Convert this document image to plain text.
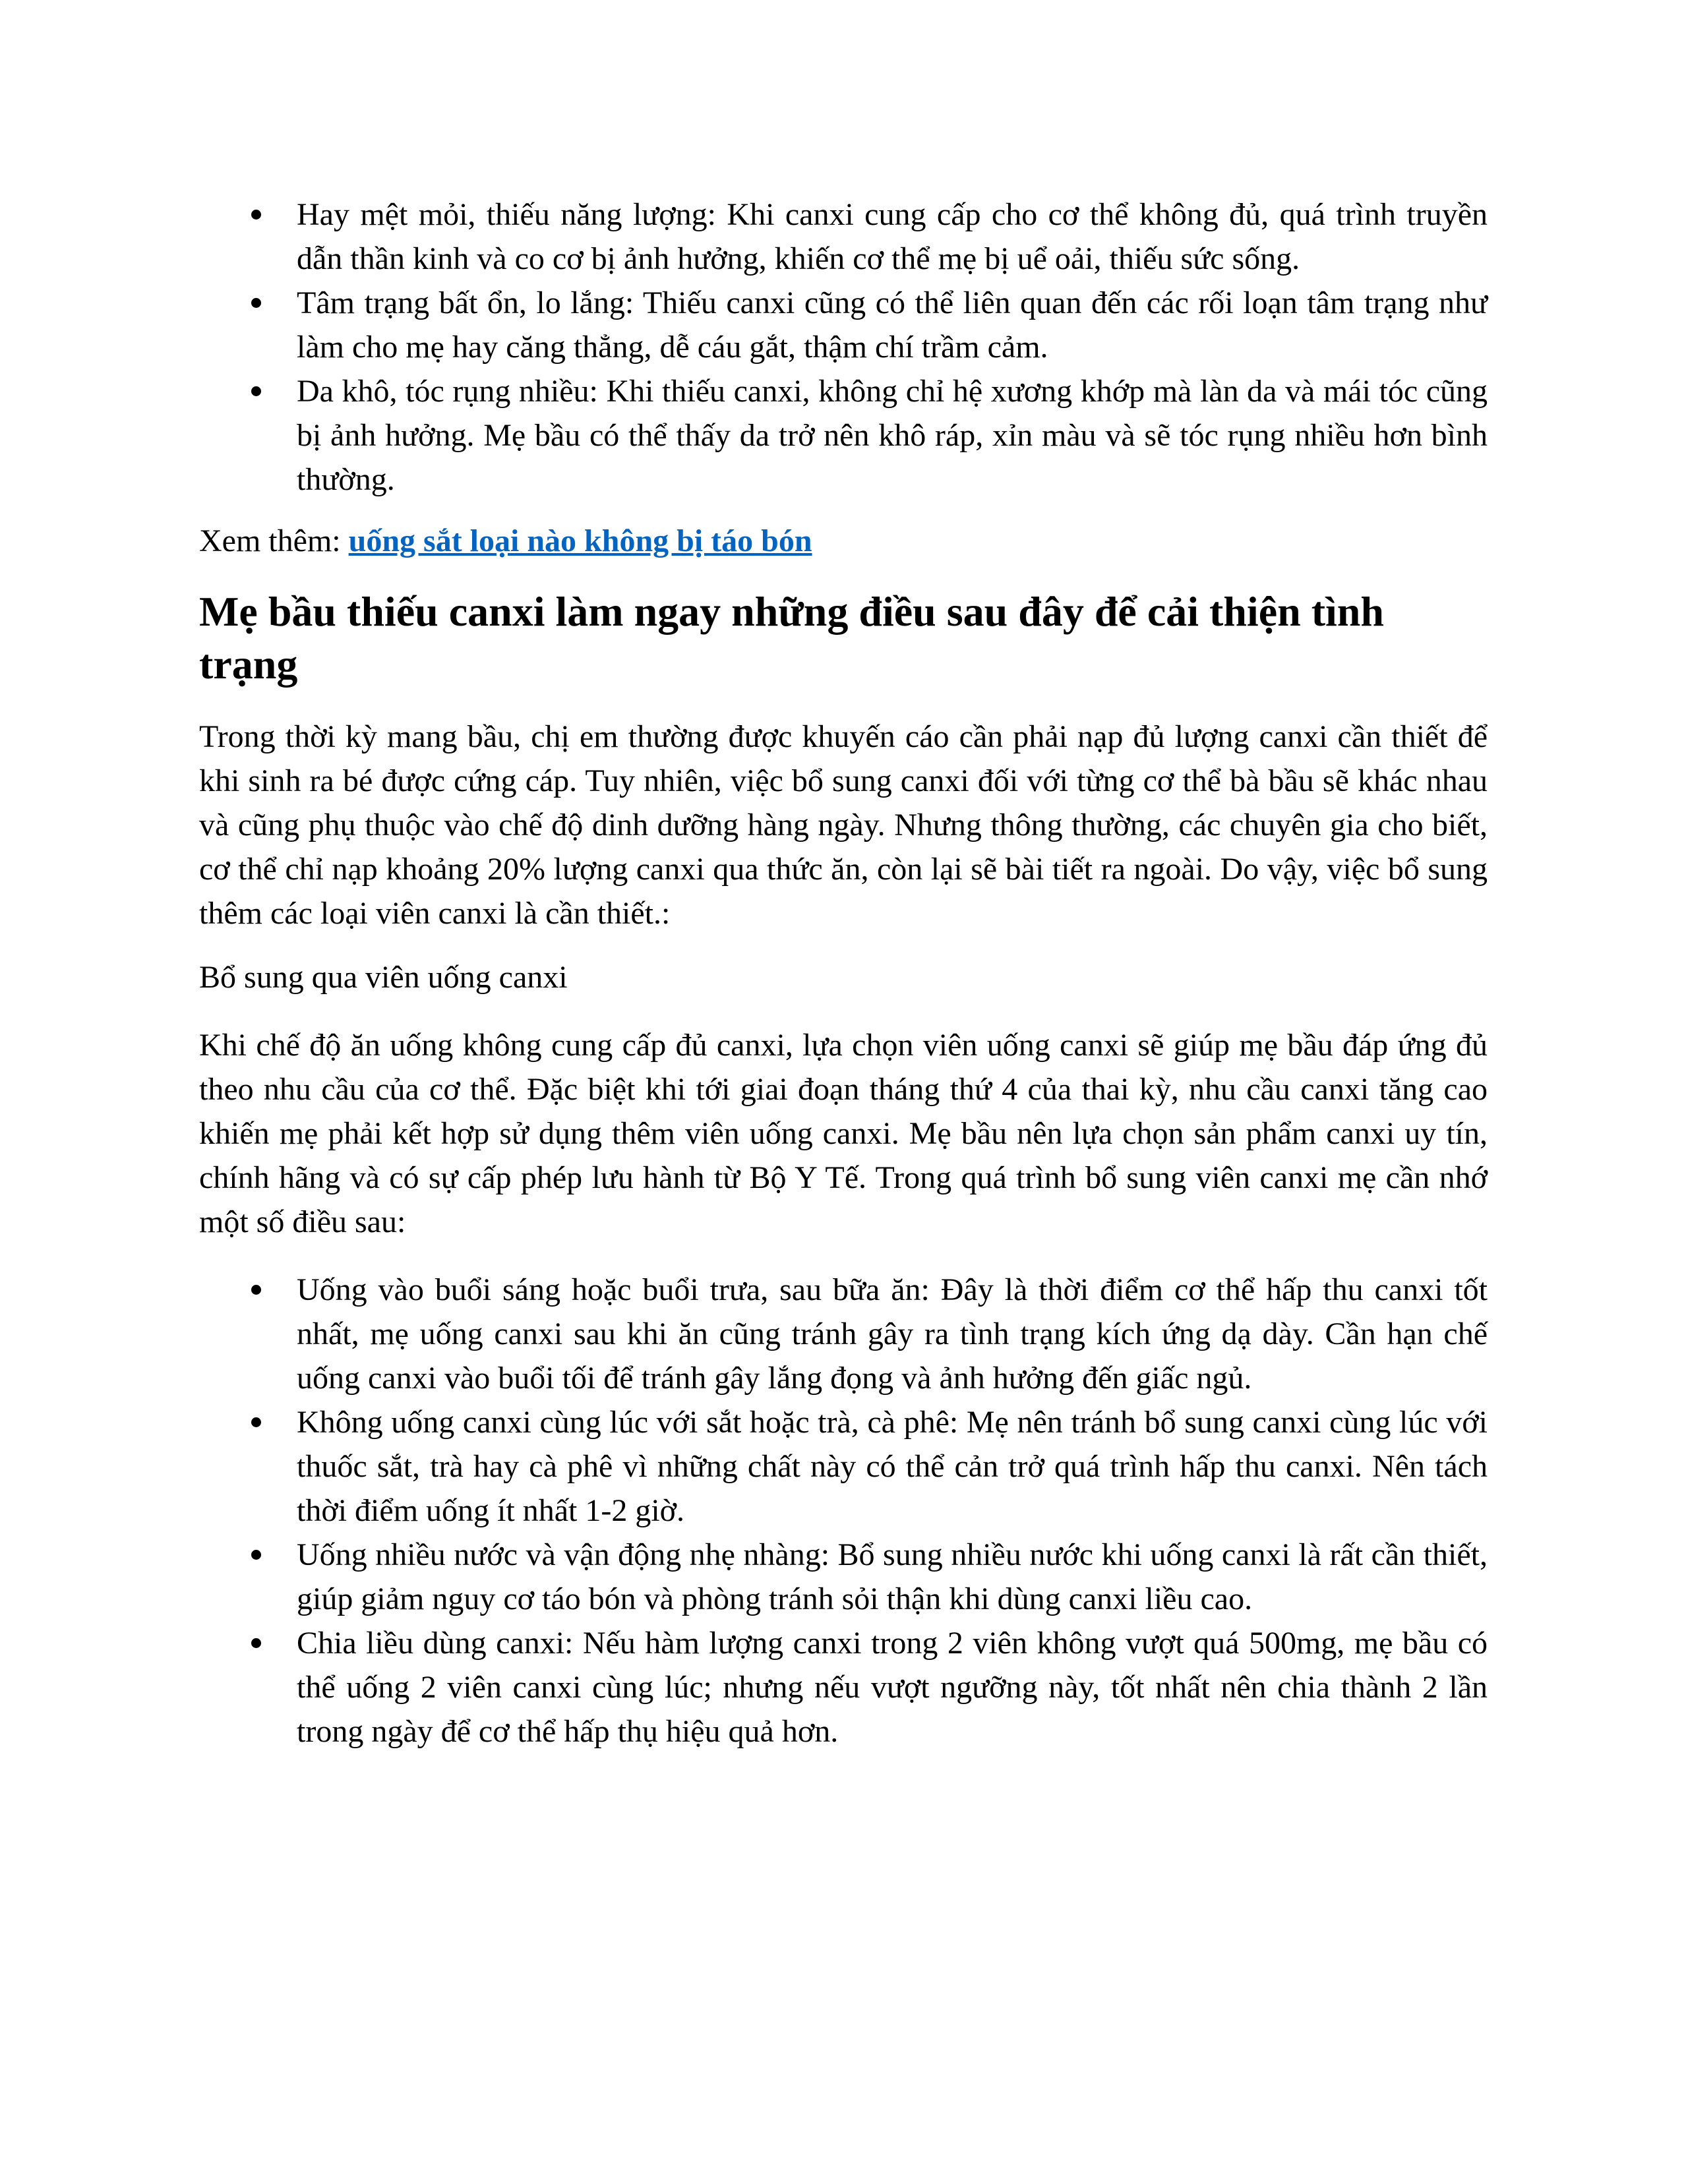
Hay mệt mỏi, thiếu năng lượng: Khi canxi cung cấp cho cơ thể không đủ, quá trình truyền dẫn thần kinh và co cơ bị ảnh hưởng, khiến cơ thể mẹ bị uể oải, thiếu sức sống.
Tâm trạng bất ổn, lo lắng: Thiếu canxi cũng có thể liên quan đến các rối loạn tâm trạng như làm cho mẹ hay căng thẳng, dễ cáu gắt, thậm chí trầm cảm.
Da khô, tóc rụng nhiều: Khi thiếu canxi, không chỉ hệ xương khớp mà làn da và mái tóc cũng bị ảnh hưởng. Mẹ bầu có thể thấy da trở nên khô ráp, xỉn màu và sẽ tóc rụng nhiều hơn bình thường.
Xem thêm: uống sắt loại nào không bị táo bón
Mẹ bầu thiếu canxi làm ngay những điều sau đây để cải thiện tình trạng

Trong thời kỳ mang bầu, chị em thường được khuyến cáo cần phải nạp đủ lượng canxi cần thiết để khi sinh ra bé được cứng cáp. Tuy nhiên, việc bổ sung canxi đối với từng cơ thể bà bầu sẽ khác nhau và cũng phụ thuộc vào chế độ dinh dưỡng hàng ngày. Nhưng thông thường, các chuyên gia cho biết, cơ thể chỉ nạp khoảng 20% lượng canxi qua thức ăn, còn lại sẽ bài tiết ra ngoài. Do vậy, việc bổ sung thêm các loại viên canxi là cần thiết.:

Bổ sung qua viên uống canxi

Khi chế độ ăn uống không cung cấp đủ canxi, lựa chọn viên uống canxi sẽ giúp mẹ bầu đáp ứng đủ theo nhu cầu của cơ thể. Đặc biệt khi tới giai đoạn tháng thứ 4 của thai kỳ, nhu cầu canxi tăng cao khiến mẹ phải kết hợp sử dụng thêm viên uống canxi. Mẹ bầu nên lựa chọn sản phẩm canxi uy tín, chính hãng và có sự cấp phép lưu hành từ Bộ Y Tế. Trong quá trình bổ sung viên canxi mẹ cần nhớ một số điều sau:

Uống vào buổi sáng hoặc buổi trưa, sau bữa ăn: Đây là thời điểm cơ thể hấp thu canxi tốt nhất, mẹ uống canxi sau khi ăn cũng tránh gây ra tình trạng kích ứng dạ dày. Cần hạn chế uống canxi vào buổi tối để tránh gây lắng đọng và ảnh hưởng đến giấc ngủ.
Không uống canxi cùng lúc với sắt hoặc trà, cà phê: Mẹ nên tránh bổ sung canxi cùng lúc với thuốc sắt, trà hay cà phê vì những chất này có thể cản trở quá trình hấp thu canxi. Nên tách thời điểm uống ít nhất 1-2 giờ.
Uống nhiều nước và vận động nhẹ nhàng: Bổ sung nhiều nước khi uống canxi là rất cần thiết, giúp giảm nguy cơ táo bón và phòng tránh sỏi thận khi dùng canxi liều cao.
Chia liều dùng canxi: Nếu hàm lượng canxi trong 2 viên không vượt quá 500mg, mẹ bầu có thể uống 2 viên canxi cùng lúc; nhưng nếu vượt ngưỡng này, tốt nhất nên chia thành 2 lần trong ngày để cơ thể hấp thụ hiệu quả hơn.
